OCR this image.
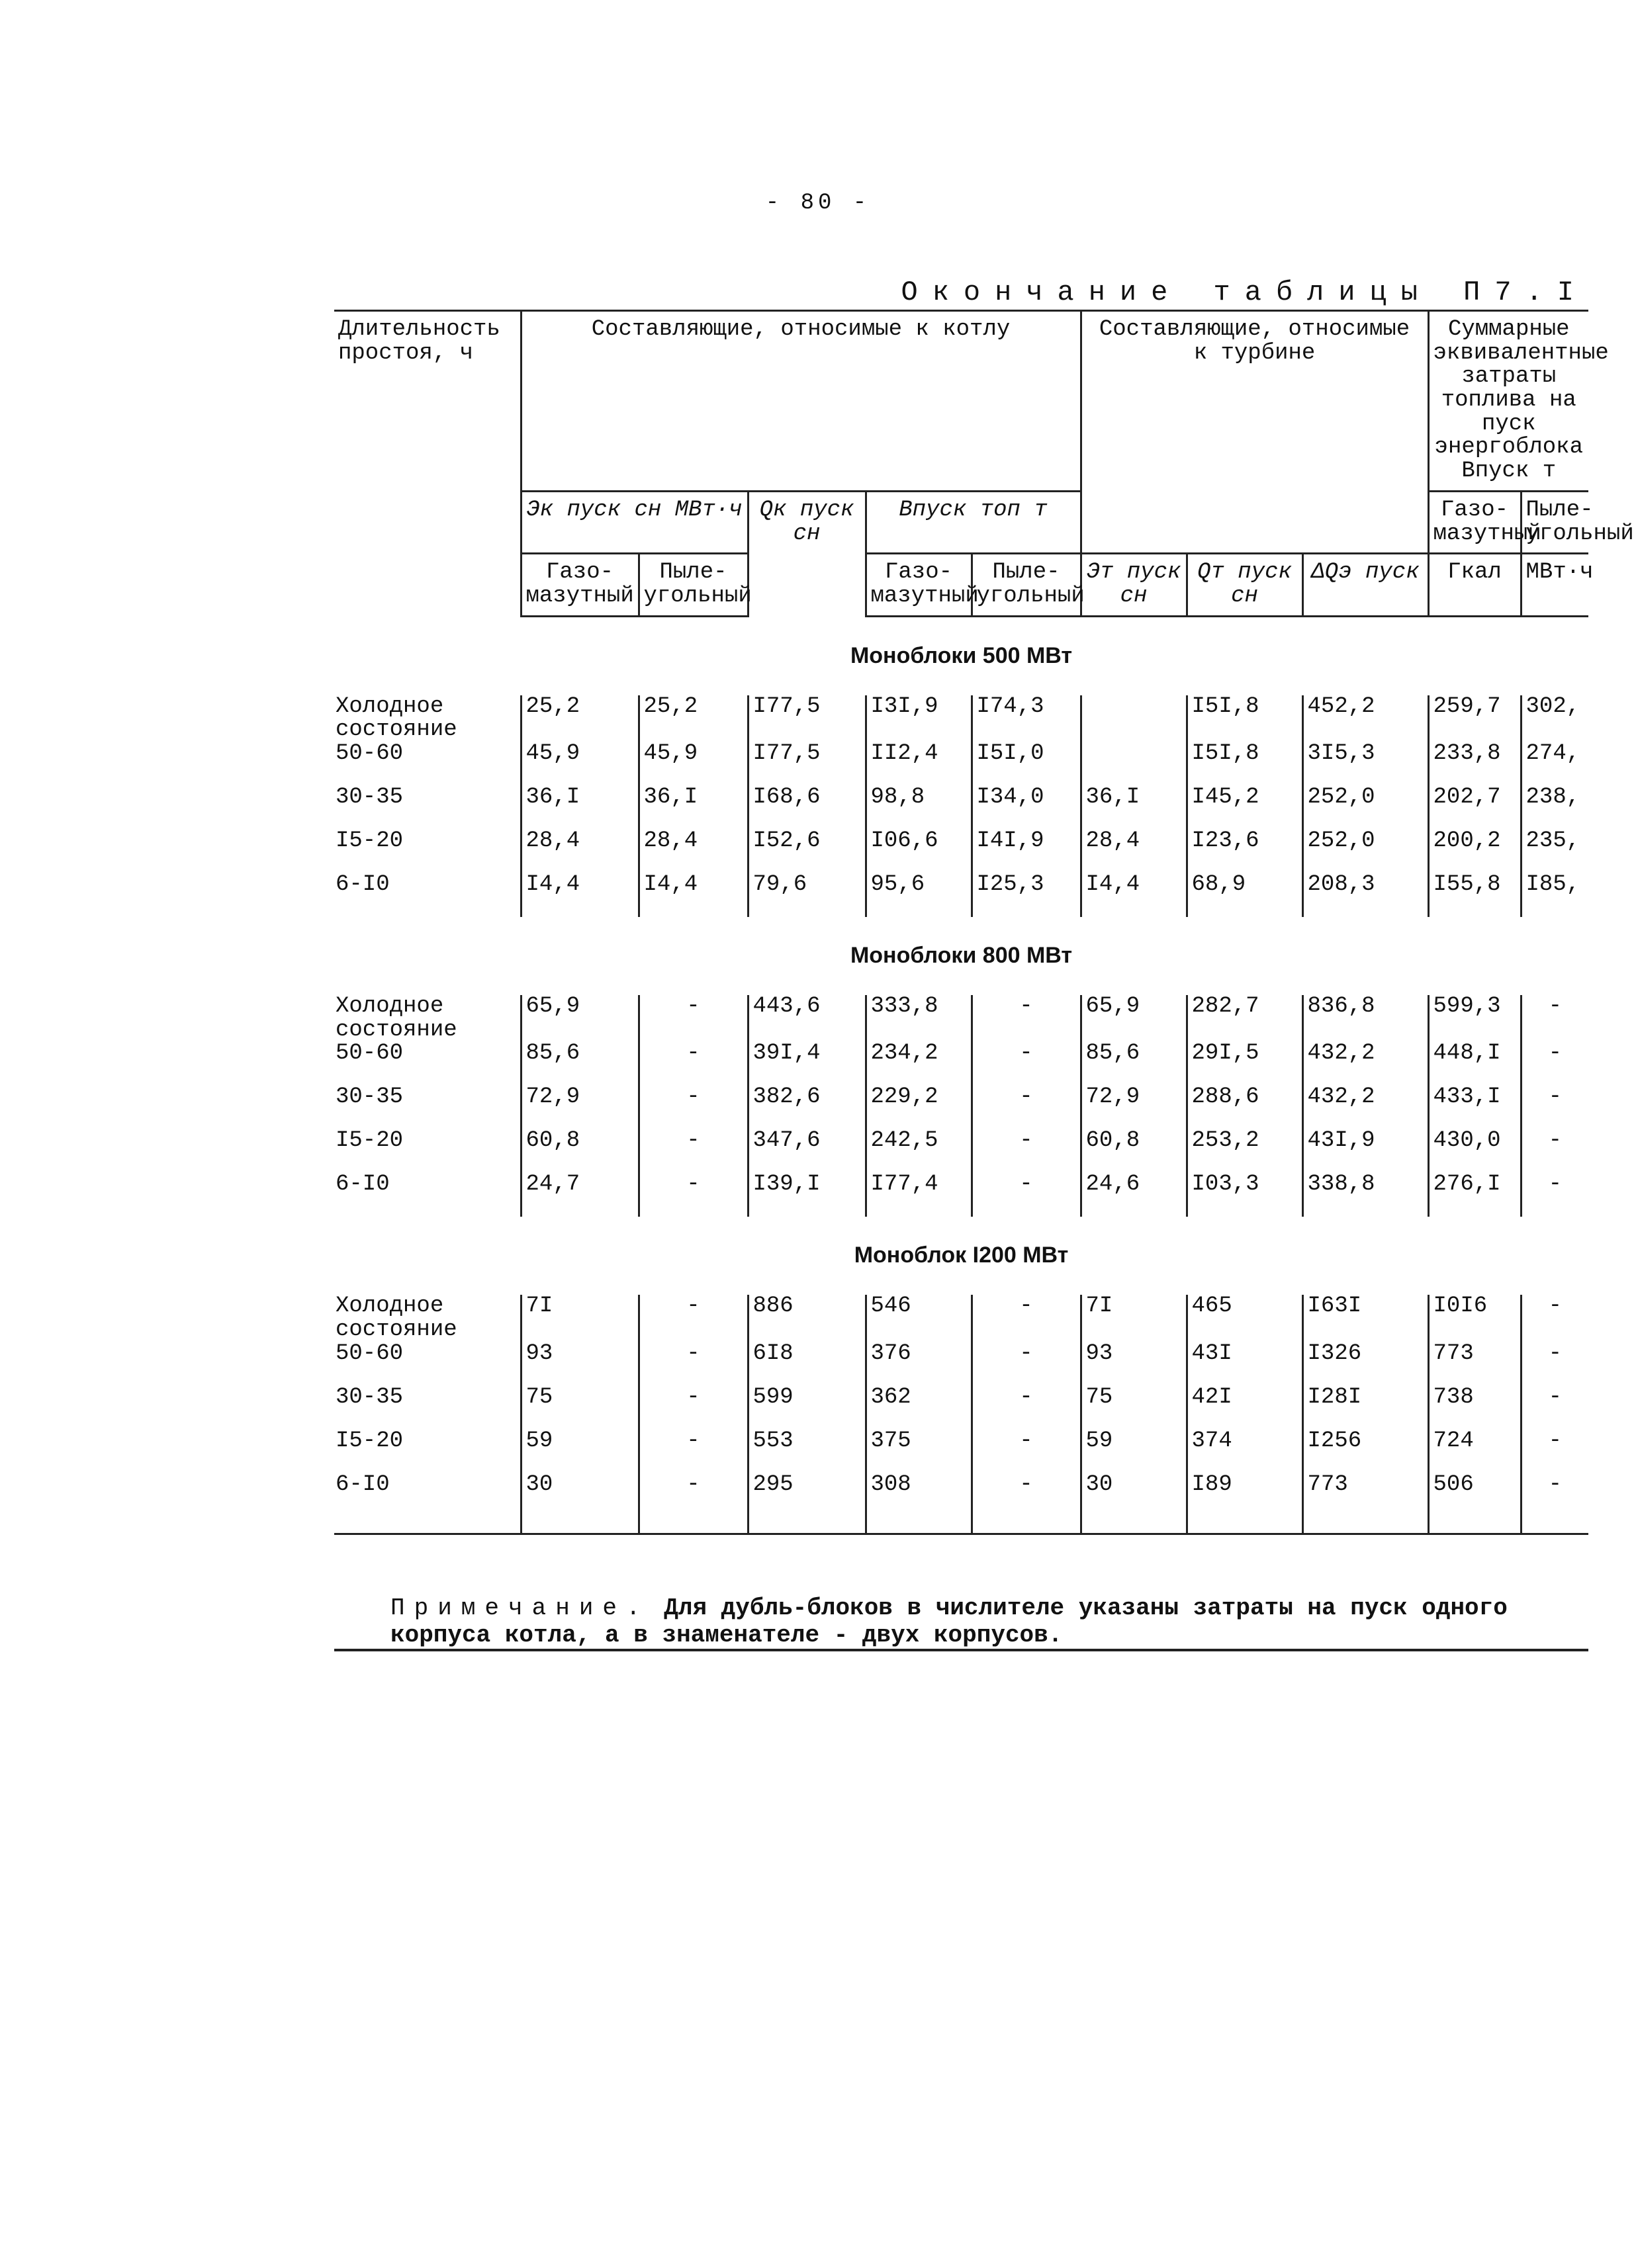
- 80 -
Окончание таблицы П7.I
Длительность простоя, ч	Составляющие, относимые к котлу					Составляющие, относимые к турбине			Суммарные эквивалентные затраты топлива на пуск энергоблока Bпуск т	
	Эк пуск сн МВт·ч		Qк пуск сн	Bпуск топ т					Газо-мазутный	Пыле-угольный
	Газо-мазутный	Пыле-угольный		Газо-мазутный	Пыле-угольный	Эт пуск сн	Qт пуск сн	ΔQэ пуск	Гкал	МВт·ч
Моноблоки 500 МВт										
Холодное состояние	25,2	25,2	I77,5	I3I,9	I74,3		I5I,8	452,2	259,7	302,
50-60	45,9	45,9	I77,5	II2,4	I5I,0		I5I,8	3I5,3	233,8	274,
30-35	36,I	36,I	I68,6	98,8	I34,0	36,I	I45,2	252,0	202,7	238,
I5-20	28,4	28,4	I52,6	I06,6	I4I,9	28,4	I23,6	252,0	200,2	235,
6-I0	I4,4	I4,4	79,6	95,6	I25,3	I4,4	68,9	208,3	I55,8	I85,
Моноблоки 800 МВт										
Холодное состояние	65,9	-	443,6	333,8	-	65,9	282,7	836,8	599,3	-
50-60	85,6	-	39I,4	234,2	-	85,6	29I,5	432,2	448,I	-
30-35	72,9	-	382,6	229,2	-	72,9	288,6	432,2	433,I	-
I5-20	60,8	-	347,6	242,5	-	60,8	253,2	43I,9	430,0	-
6-I0	24,7	-	I39,I	I77,4	-	24,6	I03,3	338,8	276,I	-
Моноблок I200 МВт										
Холодное состояние	7I	-	886	546	-	7I	465	I63I	I0I6	-
50-60	93	-	6I8	376	-	93	43I	I326	773	-
30-35	75	-	599	362	-	75	42I	I28I	738	-
I5-20	59	-	553	375	-	59	374	I256	724	-
6-I0	30	-	295	308	-	30	I89	773	506	-
Примечание. Для дубль-блоков в числителе указаны затраты на пуск одного корпуса котла, а в знаменателе - двух корпусов.
